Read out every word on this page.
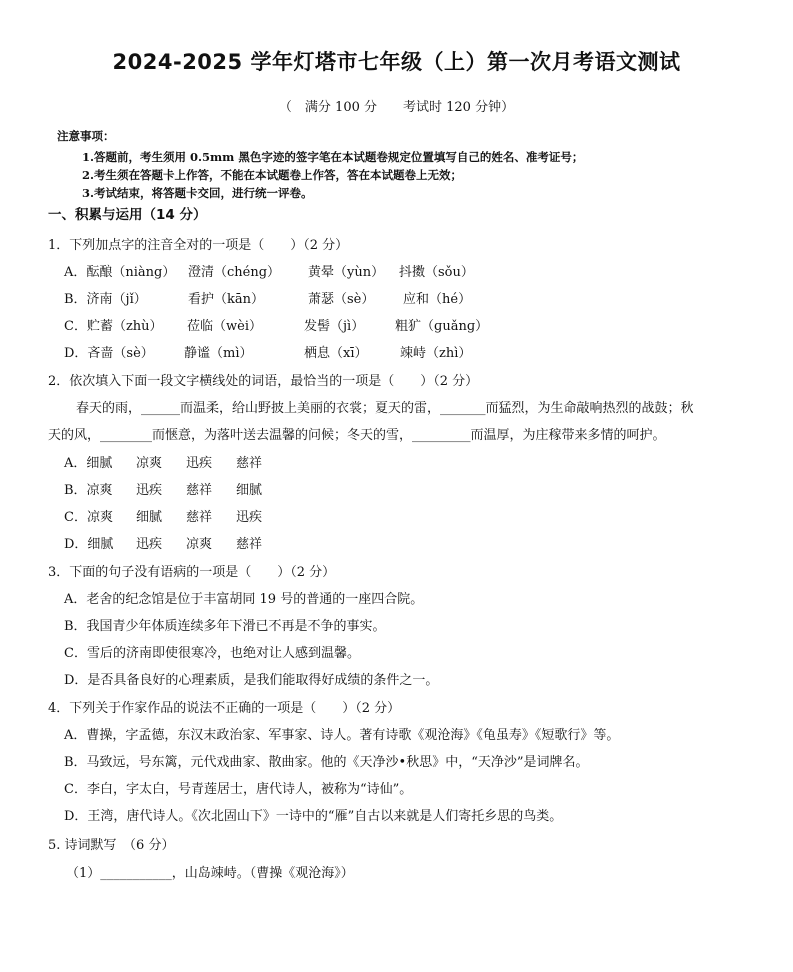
2024-2025 学年灯塔市七年级（上）第一次月考语文测试
（　满分 100 分　　考试时 120 分钟）
注意事项：
1.答题前，考生须用 0.5mm 黑色字迹的签字笔在本试题卷规定位置填写自己的姓名、准考证号；
2.考生须在答题卡上作答，不能在本试题卷上作答，答在本试题卷上无效；
3.考试结束，将答题卡交回，进行统一评卷。
一、积累与运用（14 分）
1．下列加点字的注音全对的一项是（　　）（2 分）
A．酝酿（niàng） 澄清（chéng） 黄晕（yùn） 抖擞（sǒu）
B．济南（jǐ）	看护（kān）	萧瑟（sè） 应和（hé）
C．贮蓄（zhù） 莅临（wèi）	发髻（jì） 粗犷（ɡuǎnɡ）
D．吝啬（sè） 静谧（mì）	栖息（xī）	竦峙（zhì）
2．依次填入下面一段文字横线处的词语，最恰当的一项是（　　）（2 分）
春天的雨，______而温柔，给山野披上美丽的衣裳；夏天的雷，_______而猛烈，为生命敲响热烈的战鼓；秋
天的风，________而惬意，为落叶送去温馨的问候；冬天的雪，_________而温厚，为庄稼带来多情的呵护。
A．细腻 凉爽 迅疾 慈祥
B．凉爽 迅疾 慈祥 细腻
C．凉爽 细腻 慈祥 迅疾
D．细腻 迅疾 凉爽 慈祥
3．下面的句子没有语病的一项是（　　）（2 分）
A．老舍的纪念馆是位于丰富胡同 19 号的普通的一座四合院。
B．我国青少年体质连续多年下滑已不再是不争的事实。
C．雪后的济南即使很寒冷，也绝对让人感到温馨。
D．是否具备良好的心理素质，是我们能取得好成绩的条件之一。
4．下列关于作家作品的说法不正确的一项是（　　）（2 分）
A．曹操，字孟德，东汉末政治家、军事家、诗人。著有诗歌《观沧海》《龟虽寿》《短歌行》等。
B．马致远，号东篱，元代戏曲家、散曲家。他的《天净沙•秋思》中，“天净沙”是词牌名。
C．李白，字太白，号青莲居士，唐代诗人，被称为“诗仙”。
D．王湾，唐代诗人。《次北固山下》一诗中的“雁”自古以来就是人们寄托乡思的鸟类。
5. 诗词默写　（6 分）
（1）___________，山岛竦峙。（曹操《观沧海》）
